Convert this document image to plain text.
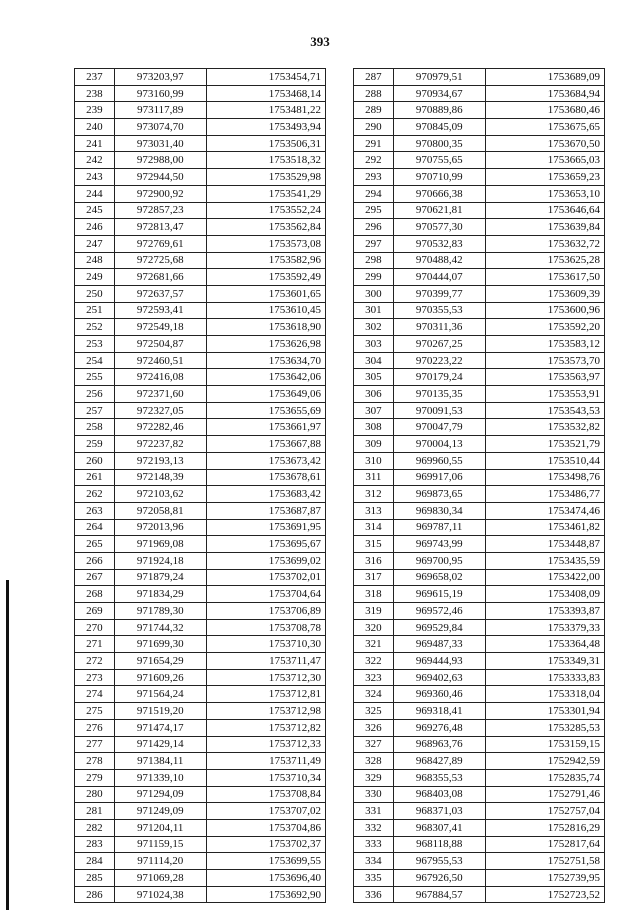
393
237	973203,97	1753454,71
238	973160,99	1753468,14
239	973117,89	1753481,22
240	973074,70	1753493,94
241	973031,40	1753506,31
242	972988,00	1753518,32
243	972944,50	1753529,98
244	972900,92	1753541,29
245	972857,23	1753552,24
246	972813,47	1753562,84
247	972769,61	1753573,08
248	972725,68	1753582,96
249	972681,66	1753592,49
250	972637,57	1753601,65
251	972593,41	1753610,45
252	972549,18	1753618,90
253	972504,87	1753626,98
254	972460,51	1753634,70
255	972416,08	1753642,06
256	972371,60	1753649,06
257	972327,05	1753655,69
258	972282,46	1753661,97
259	972237,82	1753667,88
260	972193,13	1753673,42
261	972148,39	1753678,61
262	972103,62	1753683,42
263	972058,81	1753687,87
264	972013,96	1753691,95
265	971969,08	1753695,67
266	971924,18	1753699,02
267	971879,24	1753702,01
268	971834,29	1753704,64
269	971789,30	1753706,89
270	971744,32	1753708,78
271	971699,30	1753710,30
272	971654,29	1753711,47
273	971609,26	1753712,30
274	971564,24	1753712,81
275	971519,20	1753712,98
276	971474,17	1753712,82
277	971429,14	1753712,33
278	971384,11	1753711,49
279	971339,10	1753710,34
280	971294,09	1753708,84
281	971249,09	1753707,02
282	971204,11	1753704,86
283	971159,15	1753702,37
284	971114,20	1753699,55
285	971069,28	1753696,40
286	971024,38	1753692,90
287	970979,51	1753689,09
288	970934,67	1753684,94
289	970889,86	1753680,46
290	970845,09	1753675,65
291	970800,35	1753670,50
292	970755,65	1753665,03
293	970710,99	1753659,23
294	970666,38	1753653,10
295	970621,81	1753646,64
296	970577,30	1753639,84
297	970532,83	1753632,72
298	970488,42	1753625,28
299	970444,07	1753617,50
300	970399,77	1753609,39
301	970355,53	1753600,96
302	970311,36	1753592,20
303	970267,25	1753583,12
304	970223,22	1753573,70
305	970179,24	1753563,97
306	970135,35	1753553,91
307	970091,53	1753543,53
308	970047,79	1753532,82
309	970004,13	1753521,79
310	969960,55	1753510,44
311	969917,06	1753498,76
312	969873,65	1753486,77
313	969830,34	1753474,46
314	969787,11	1753461,82
315	969743,99	1753448,87
316	969700,95	1753435,59
317	969658,02	1753422,00
318	969615,19	1753408,09
319	969572,46	1753393,87
320	969529,84	1753379,33
321	969487,33	1753364,48
322	969444,93	1753349,31
323	969402,63	1753333,83
324	969360,46	1753318,04
325	969318,41	1753301,94
326	969276,48	1753285,53
327	968963,76	1753159,15
328	968427,89	1752942,59
329	968355,53	1752835,74
330	968403,08	1752791,46
331	968371,03	1752757,04
332	968307,41	1752816,29
333	968118,88	1752817,64
334	967955,53	1752751,58
335	967926,50	1752739,95
336	967884,57	1752723,52
